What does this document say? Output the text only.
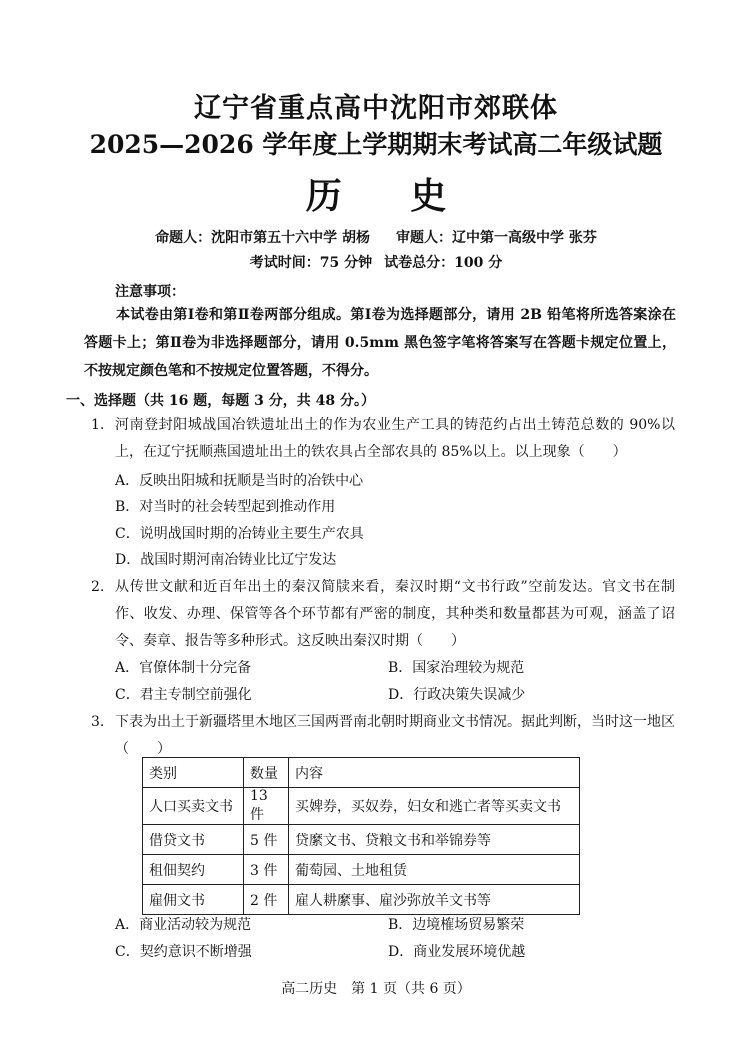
辽宁省重点高中沈阳市郊联体
2025—2026 学年度上学期期末考试高二年级试题
历 史
命题人：沈阳市第五十六中学 胡杨 审题人：辽中第一高级中学 张芬
考试时间：75 分钟 试卷总分：100 分
注意事项：
本试卷由第Ⅰ卷和第Ⅱ卷两部分组成。第Ⅰ卷为选择题部分，请用 2B 铅笔将所选答案涂在答题卡上；第Ⅱ卷为非选择题部分，请用 0.5mm 黑色签字笔将答案写在答题卡规定位置上，不按规定颜色笔和不按规定位置答题，不得分。
一、选择题（共 16 题，每题 3 分，共 48 分。）
1. 河南登封阳城战国冶铁遗址出土的作为农业生产工具的铸范约占出土铸范总数的 90%以上，在辽宁抚顺燕国遗址出土的铁农具占全部农具的 85%以上。以上现象（　　）
A．反映出阳城和抚顺是当时的冶铁中心
B．对当时的社会转型起到推动作用
C．说明战国时期的冶铸业主要生产农具
D．战国时期河南冶铸业比辽宁发达
2. 从传世文献和近百年出土的秦汉简牍来看，秦汉时期“文书行政”空前发达。官文书在制作、收发、办理、保管等各个环节都有严密的制度，其种类和数量都甚为可观，涵盖了诏令、奏章、报告等多种形式。这反映出秦汉时期（　　）
A．官僚体制十分完备	B．国家治理较为规范
C．君主专制空前强化	D．行政决策失误减少
3. 下表为出土于新疆塔里木地区三国两晋南北朝时期商业文书情况。据此判断，当时这一地区（　　）
类别	数量	内容
人口买卖文书	13 件	买婢券，买奴券，妇女和逃亡者等买卖文书
借贷文书	5 件	贷縻文书、贷粮文书和举锦券等
租佃契约	3 件	葡萄园、土地租赁
雇佣文书	2 件	雇人耕縻事、雇沙弥放羊文书等
A．商业活动较为规范	B．边境榷场贸易繁荣
C．契约意识不断增强	D．商业发展环境优越
高二历史　第 1 页（共 6 页）
